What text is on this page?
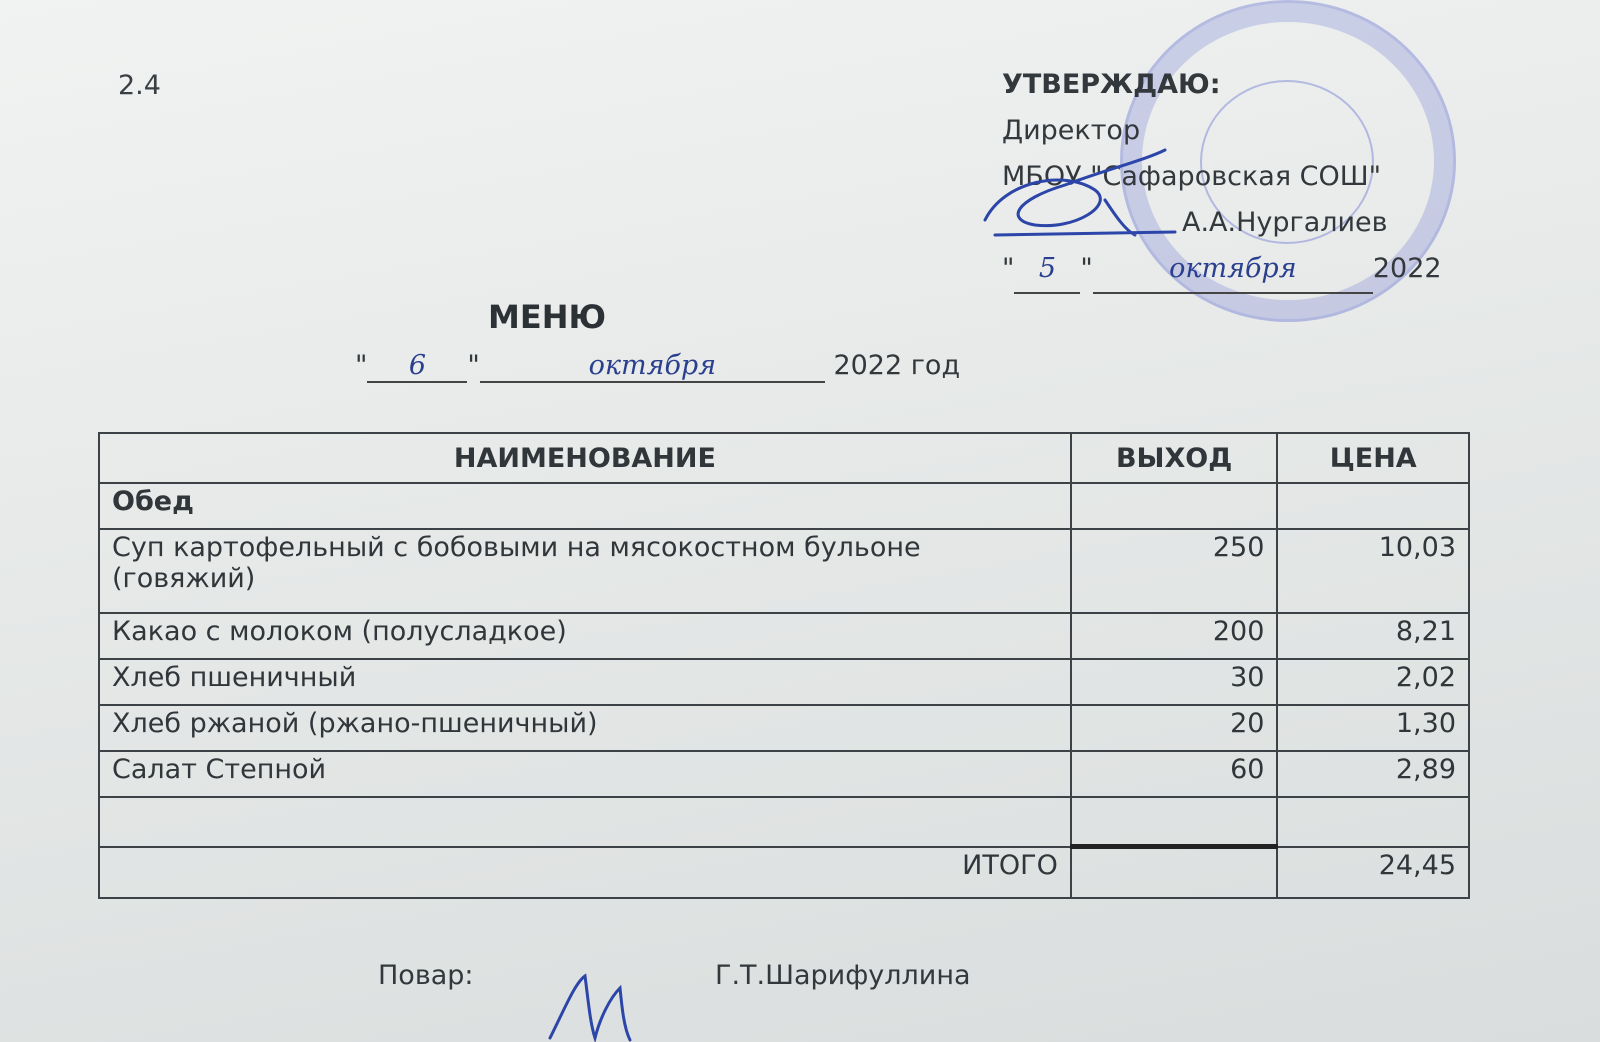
2.4	УТВЕРЖДАЮ:
Директор
МБОУ "Сафаровская СОШ"
А.А.Нургалиев
" 5 "	октября	2022
МЕНЮ
" 6 "	октября	2022 год
НАИМЕНОВАНИЕ	ВЫХОД	ЦЕНА
Обед		
Суп картофельный с бобовыми на мясокостном бульоне (говяжий)	250	10,03
Какао с молоком (полусладкое)	200	8,21
Хлеб пшеничный	30	2,02
Хлеб ржаной (ржано-пшеничный)	20	1,30
Салат Степной	60	2,89

ИТОГО		24,45
Повар:	Г.Т.Шарифуллина
